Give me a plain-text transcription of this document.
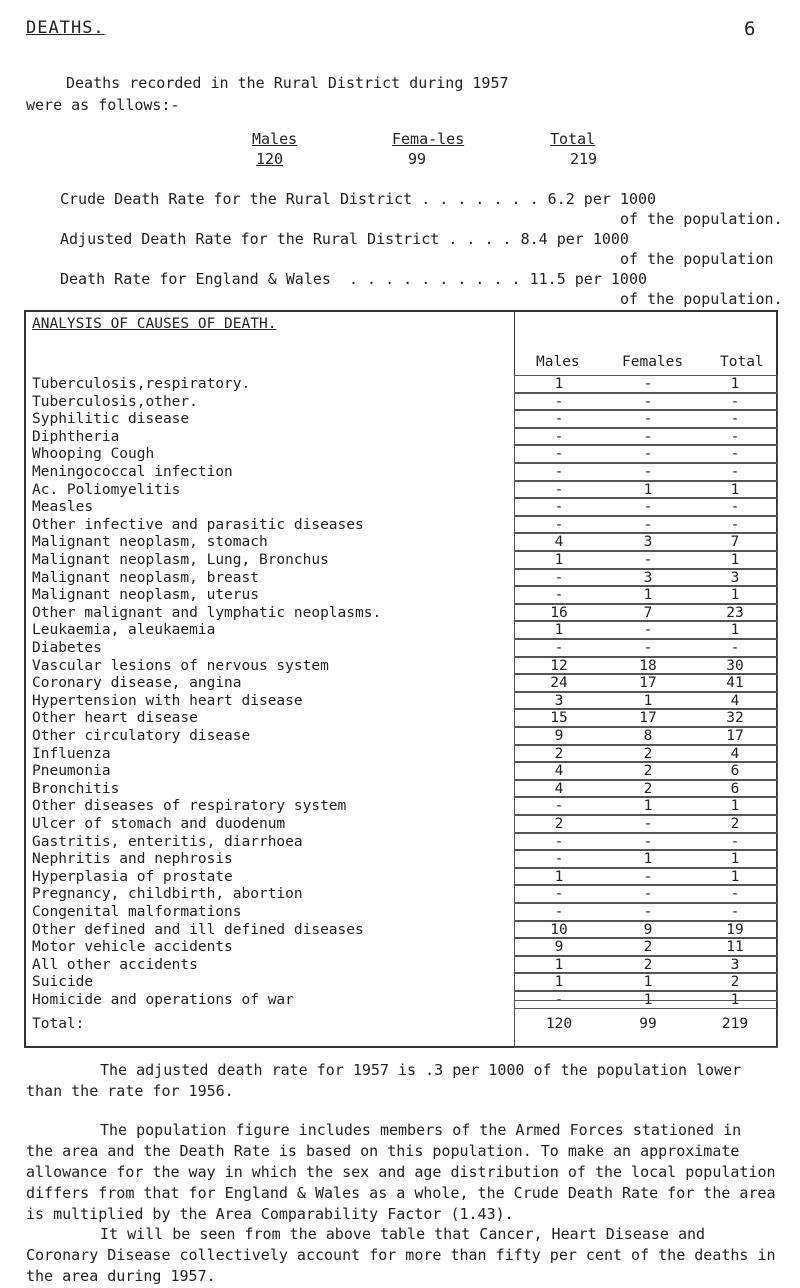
DEATHS.	6
Deaths recorded in the Rural District during 1957
were as follows:-
Males	Fema-les	Total
120	99	219
Crude Death Rate for the Rural District . . . . . . . 6.2 per 1000
of the population.
Adjusted Death Rate for the Rural District . . . . 8.4 per 1000
of the population
Death Rate for England & Wales  . . . . . . . . . . 11.5 per 1000
of the population.
ANALYSIS OF CAUSES OF DEATH.
Males	Females	Total
Tuberculosis,respiratory.	1	-	1
Tuberculosis,other.	-	-	-
Syphilitic disease	-	-	-
Diphtheria	-	-	-
Whooping Cough	-	-	-
Meningococcal infection	-	-	-
Ac. Poliomyelitis	-	1	1
Measles	-	-	-
Other infective and parasitic diseases	-	-	-
Malignant neoplasm, stomach	4	3	7
Malignant neoplasm, Lung, Bronchus	1	-	1
Malignant neoplasm, breast	-	3	3
Malignant neoplasm, uterus	-	1	1
Other malignant and lymphatic neoplasms.	16	7	23
Leukaemia, aleukaemia	1	-	1
Diabetes	-	-	-
Vascular lesions of nervous system	12	18	30
Coronary disease, angina	24	17	41
Hypertension with heart disease	3	1	4
Other heart disease	15	17	32
Other circulatory disease	9	8	17
Influenza	2	2	4
Pneumonia	4	2	6
Bronchitis	4	2	6
Other diseases of respiratory system	-	1	1
Ulcer of stomach and duodenum	2	-	2
Gastritis, enteritis, diarrhoea	-	-	-
Nephritis and nephrosis	-	1	1
Hyperplasia of prostate	1	-	1
Pregnancy, childbirth, abortion	-	-	-
Congenital malformations	-	-	-
Other defined and ill defined diseases	10	9	19
Motor vehicle accidents	9	2	11
All other accidents	1	2	3
Suicide	1	1	2
Homicide and operations of war	-	1	1
Total:	120	99	219
The adjusted death rate for 1957 is .3 per 1000 of the population lower than the rate for 1956.
The population figure includes members of the Armed Forces stationed in the area and the Death Rate is based on this population. To make an approximate allowance for the way in which the sex and age distribution of the local population differs from that for England & Wales as a whole, the Crude Death Rate for the area is multiplied by the Area Comparability Factor (1.43).
It will be seen from the above table that Cancer, Heart Disease and Coronary Disease collectively account for more than fifty per cent of the deaths in the area during 1957.
